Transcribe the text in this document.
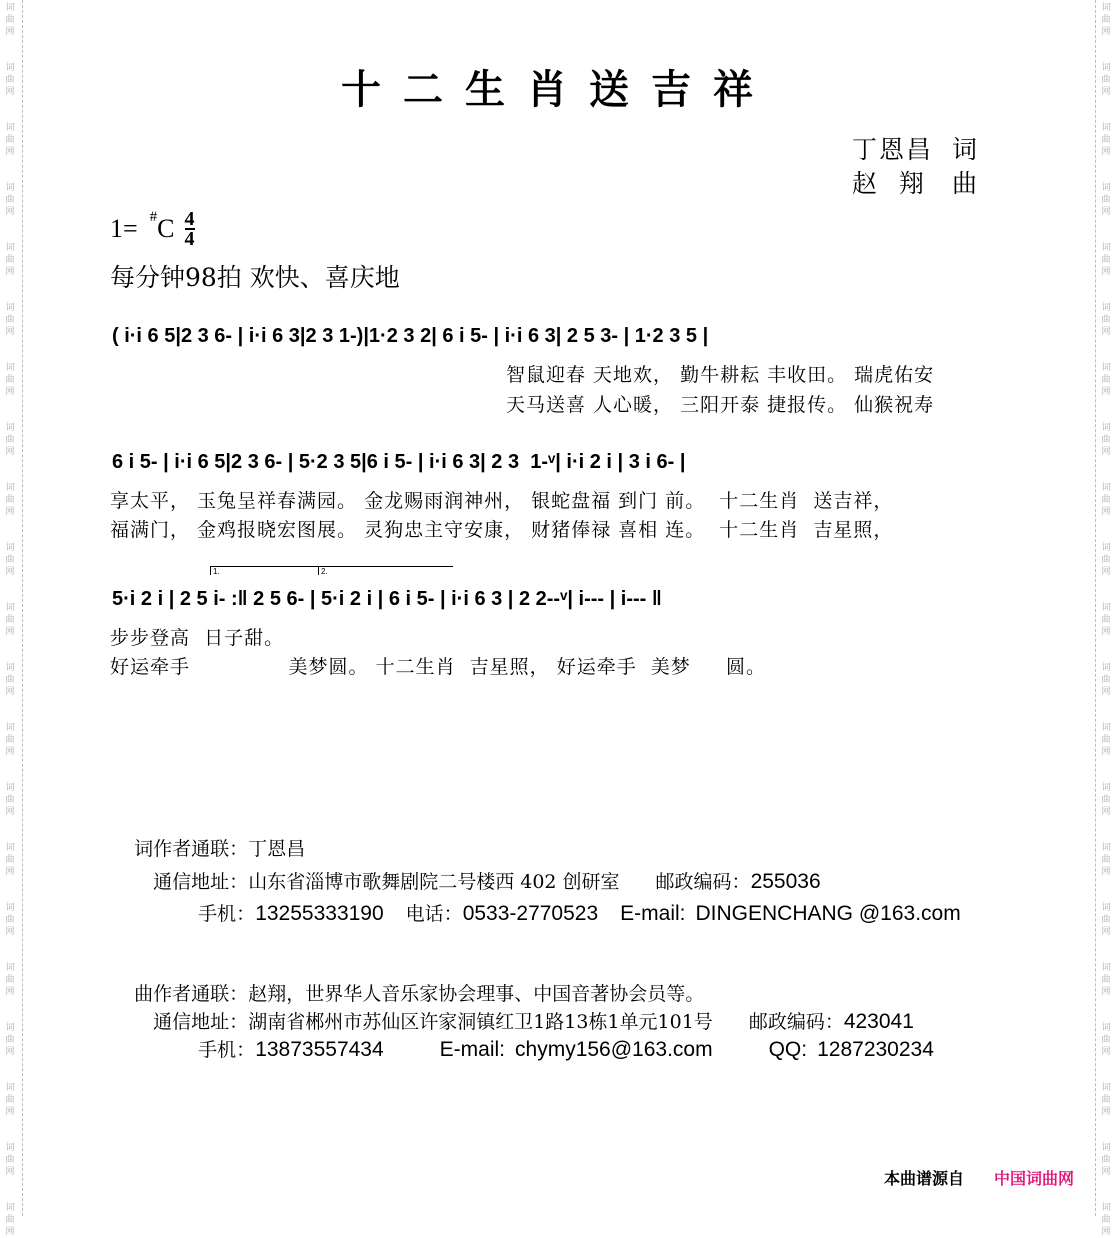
词
曲
网
词
曲
网
词
曲
网
词
曲
网
词
曲
网
词
曲
网
词
曲
网
词
曲
网
词
曲
网
词
曲
网
词
曲
网
词
曲
网
词
曲
网
词
曲
网
词
曲
网
词
曲
网
词
曲
网
词
曲
网
词
曲
网
词
曲
网
词
曲
网
词
曲
网
词
曲
网
词
曲
网
词
曲
网
词
曲
网
词
曲
网
词
曲
网
词
曲
网
词
曲
网
词
曲
网
词
曲
网
词
曲
网
词
曲
网
词
曲
网
词
曲
网
词
曲
网
词
曲
网
词
曲
网
词
曲
网
词
曲
网
词
曲
网
十二生肖送吉祥
丁恩昌 词
赵  翔	曲
1= # C 4
4
每分钟98拍 欢快、喜庆地
( i·i 6 5|2 3 6- | i·i 6 3|2 3 1-)|1·2 3 2| 6 i 5- | i·i 6 3| 2 5 3- | 1·2 3 5 |
智鼠迎春 天地欢， 勤牛耕耘 丰收田。 瑞虎佑安
天马送喜 人心暖， 三阳开泰 捷报传。 仙猴祝寿
6 i 5- | i·i 6 5|2 3 6- | 5·2 3 5|6 i 5- | i·i 6 3| 2 3  1-ᵛ| i·i 2 i | 3 i 6- |
享太平， 玉兔呈祥春满园。 金龙赐雨润神州， 银蛇盘福 到门 前。  十二生肖  送吉祥，
福满门， 金鸡报晓宏图展。 灵狗忠主守安康， 财猪俸禄 喜相 连。  十二生肖  吉星照，
1.	2.
5·i 2 i | 2 5 i- :‖ 2 5 6- | 5·i 2 i | 6 i 5- | i·i 6 3 | 2 2--ᵛ| i--- | i--- ‖
步步登高  日子甜。
好运牵手              美梦圆。 十二生肖  吉星照， 好运牵手  美梦     圆。

词作者通联：丁恩昌

通信地址：山东省淄博市歌舞剧院二号楼西 402 创研室 邮政编码：255036

手机：13255333190 电话：0533-2770523 E-mail: DINGENCHANG @163.com

曲作者通联：赵翔，世界华人音乐家协会理事、中国音著协会员等。

通信地址：湖南省郴州市苏仙区许家洞镇红卫1路13栋1单元101号 邮政编码：423041

手机：13873557434	E-mail: chymy156@163.com	QQ: 1287230234

本曲谱源自 中国词曲网
